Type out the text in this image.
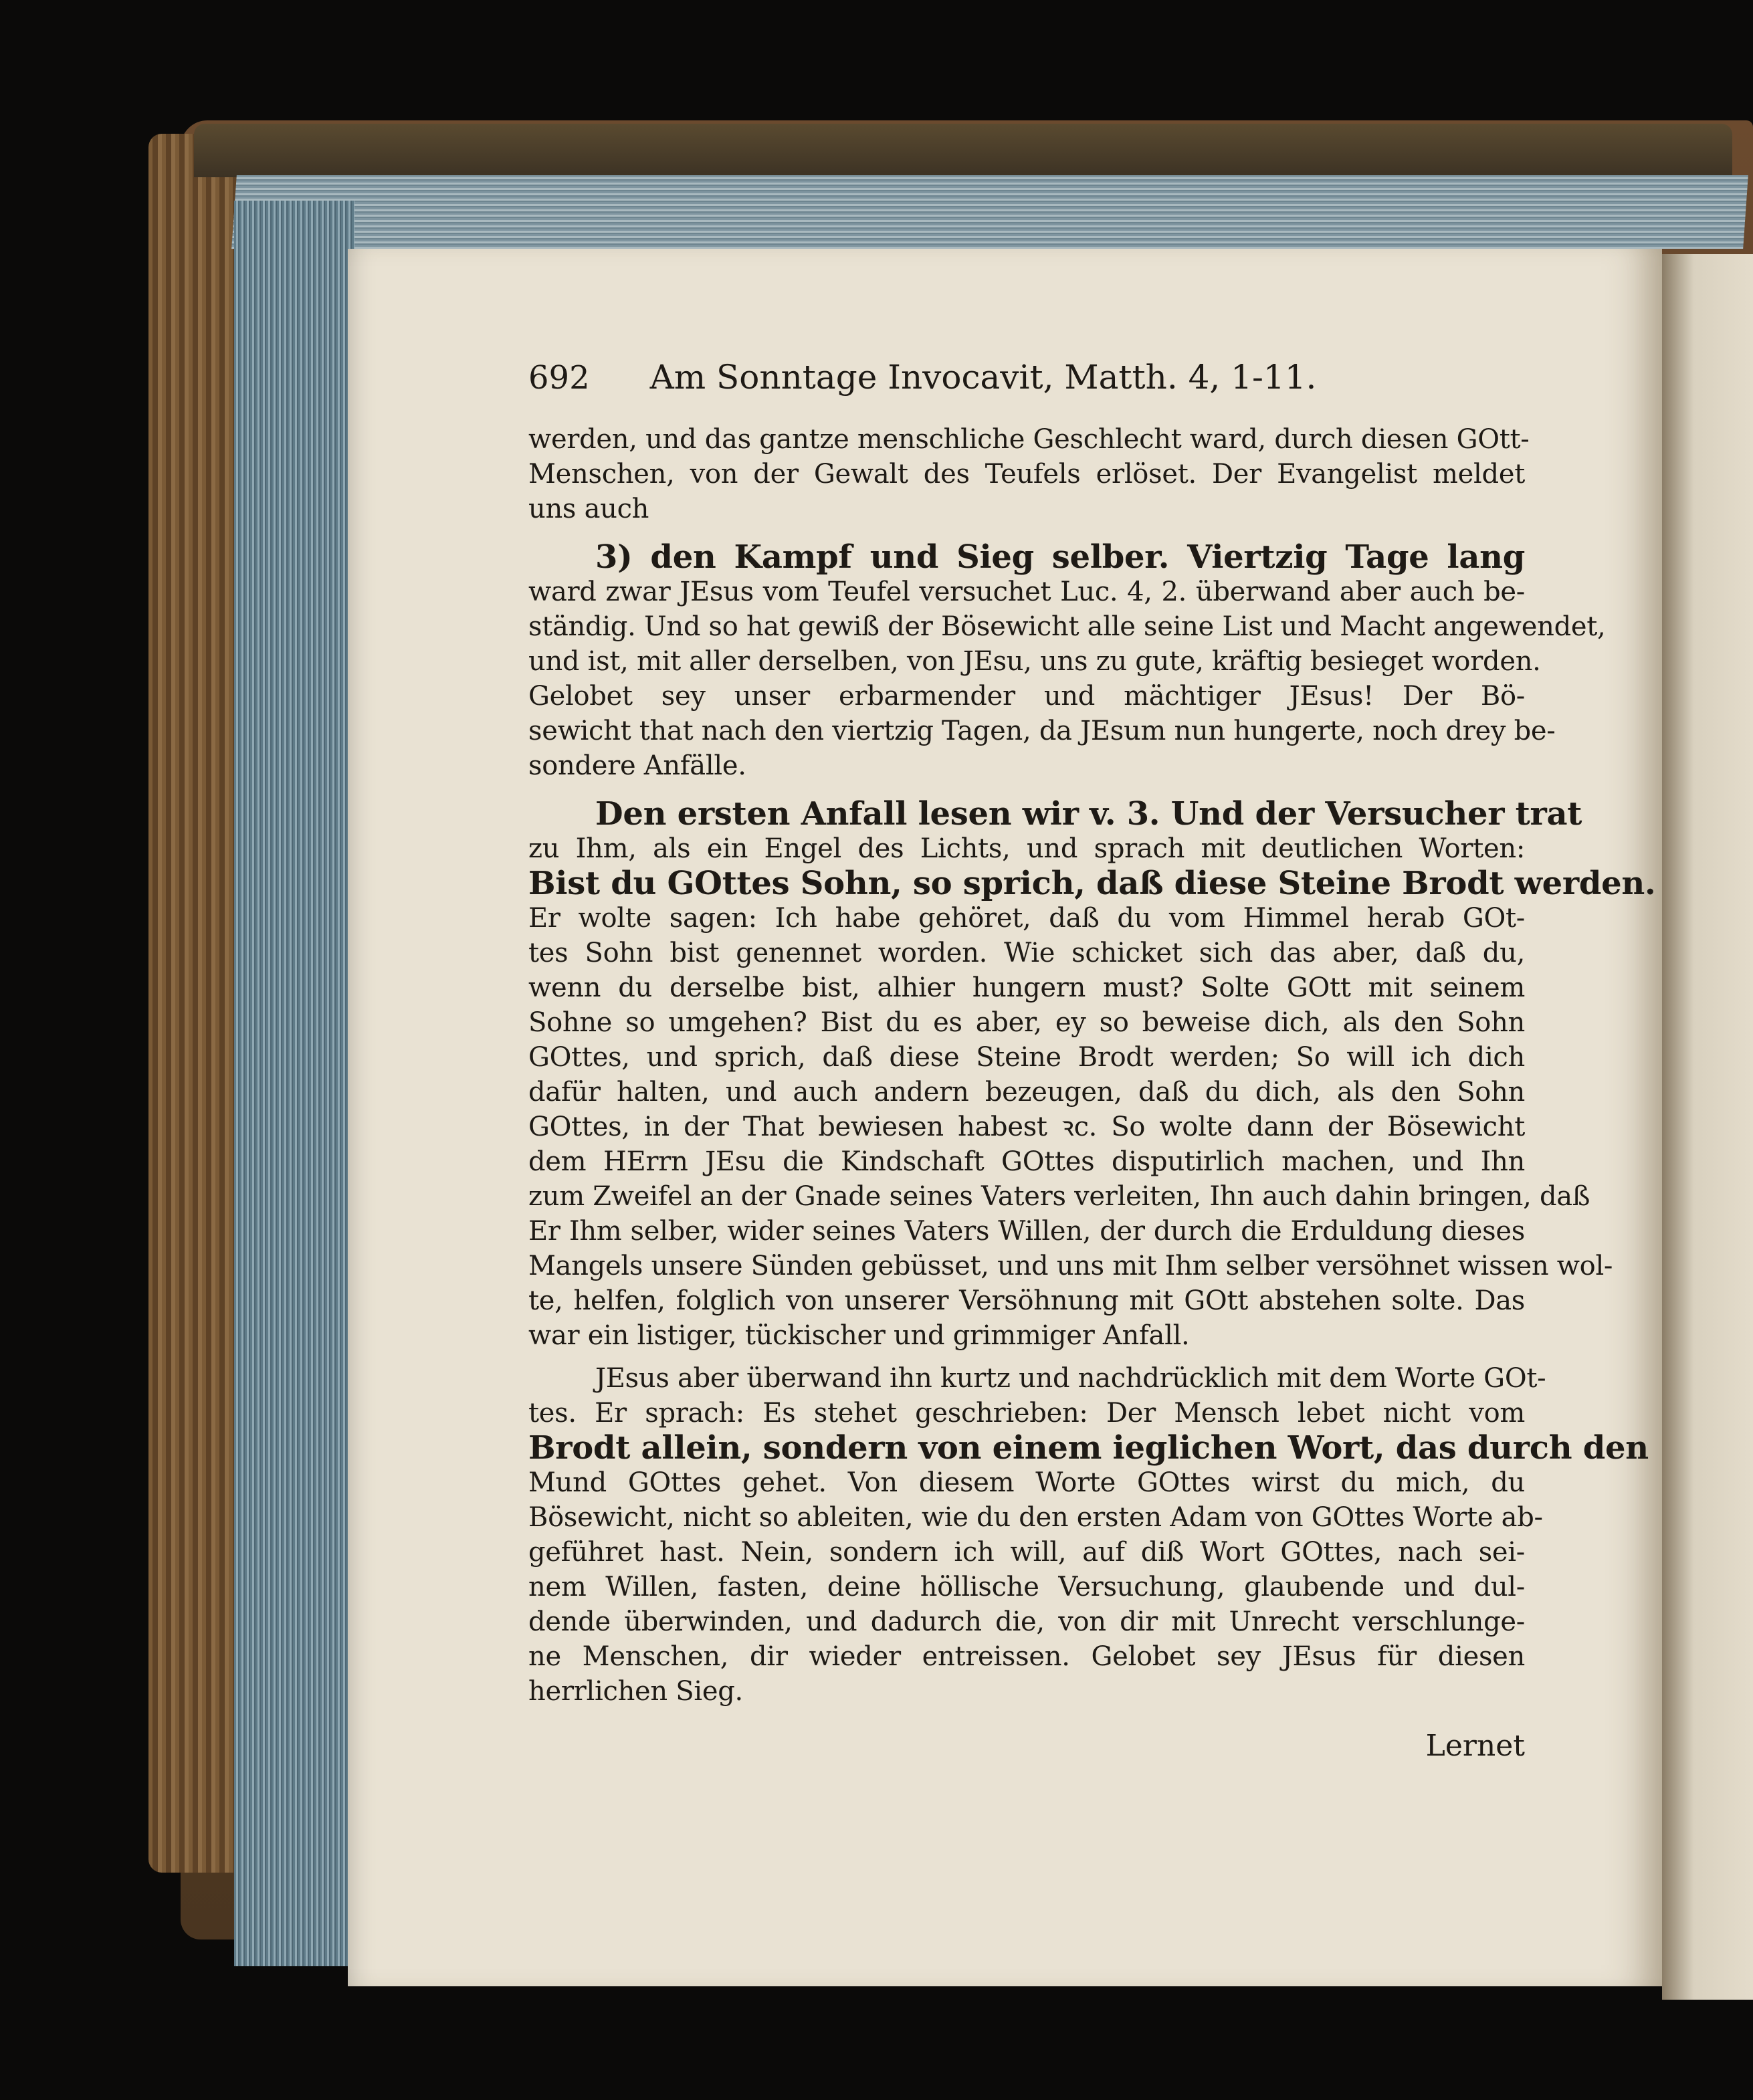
692 Am Sonntage Invocavit, Matth. 4, 1-11.
werden, und das gantze menschliche Geschlecht ward, durch diesen GOtt-
Menschen, von der Gewalt des Teufels erlöset. Der Evangelist meldet
uns auch
3) den Kampf und Sieg selber. Viertzig Tage lang
ward zwar JEsus vom Teufel versuchet Luc. 4, 2. überwand aber auch be-
ständig. Und so hat gewiß der Bösewicht alle seine List und Macht angewendet,
und ist, mit aller derselben, von JEsu, uns zu gute, kräftig besieget worden.
Gelobet sey unser erbarmender und mächtiger JEsus! Der Bö-
sewicht that nach den viertzig Tagen, da JEsum nun hungerte, noch drey be-
sondere Anfälle.
Den ersten Anfall lesen wir v. 3. Und der Versucher trat
zu Ihm, als ein Engel des Lichts, und sprach mit deutlichen Worten:
Bist du GOttes Sohn, so sprich, daß diese Steine Brodt werden.
Er wolte sagen: Ich habe gehöret, daß du vom Himmel herab GOt-
tes Sohn bist genennet worden. Wie schicket sich das aber, daß du,
wenn du derselbe bist, alhier hungern must? Solte GOtt mit seinem
Sohne so umgehen? Bist du es aber, ey so beweise dich, als den Sohn
GOttes, und sprich, daß diese Steine Brodt werden; So will ich dich
dafür halten, und auch andern bezeugen, daß du dich, als den Sohn
GOttes, in der That bewiesen habest ꝛc. So wolte dann der Bösewicht
dem HErrn JEsu die Kindschaft GOttes disputirlich machen, und Ihn
zum Zweifel an der Gnade seines Vaters verleiten, Ihn auch dahin bringen, daß
Er Ihm selber, wider seines Vaters Willen, der durch die Erduldung dieses
Mangels unsere Sünden gebüsset, und uns mit Ihm selber versöhnet wissen wol-
te, helfen, folglich von unserer Versöhnung mit GOtt abstehen solte. Das
war ein listiger, tückischer und grimmiger Anfall.
JEsus aber überwand ihn kurtz und nachdrücklich mit dem Worte GOt-
tes. Er sprach: Es stehet geschrieben: Der Mensch lebet nicht vom
Brodt allein, sondern von einem ieglichen Wort, das durch den
Mund GOttes gehet. Von diesem Worte GOttes wirst du mich, du
Bösewicht, nicht so ableiten, wie du den ersten Adam von GOttes Worte ab-
geführet hast. Nein, sondern ich will, auf diß Wort GOttes, nach sei-
nem Willen, fasten, deine höllische Versuchung, glaubende und dul-
dende überwinden, und dadurch die, von dir mit Unrecht verschlunge-
ne Menschen, dir wieder entreissen. Gelobet sey JEsus für diesen
herrlichen Sieg.
Lernet
